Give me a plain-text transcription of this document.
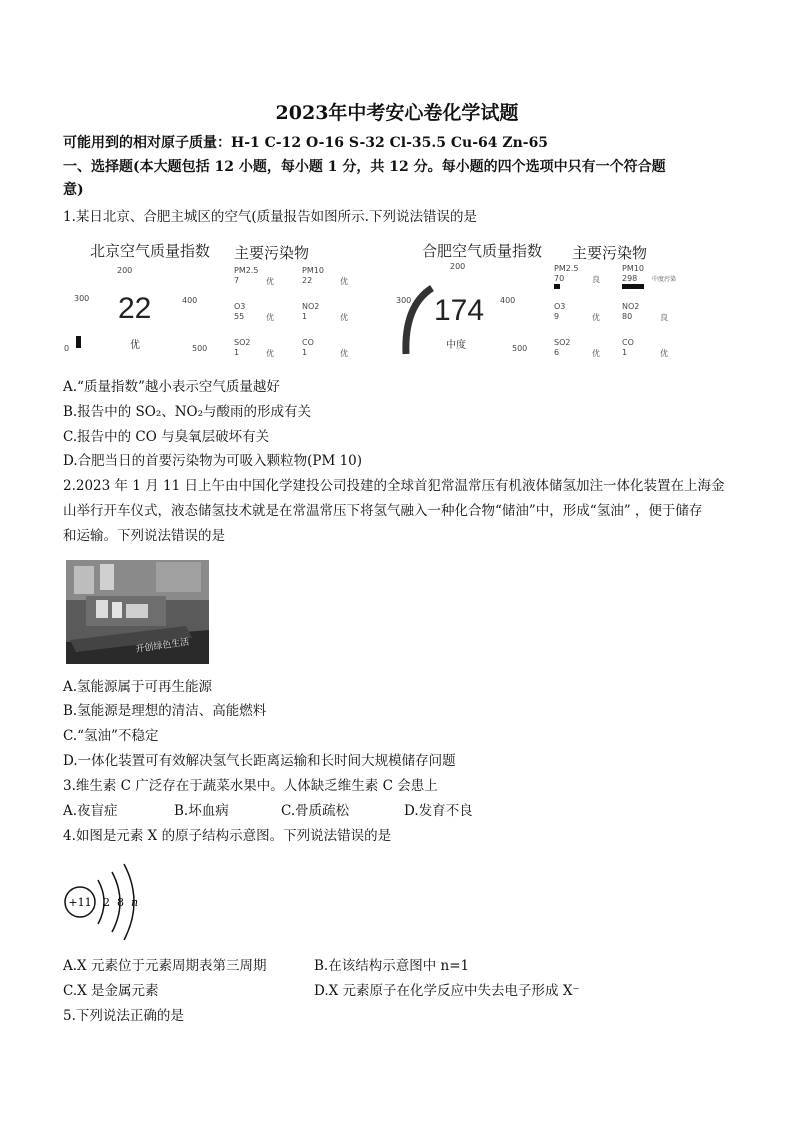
2023年中考安心卷化学试题
可能用到的相对原子质量：H-1 C-12 O-16 S-32 Cl-35.5 Cu-64 Zn-65
一、选择题(本大题包括 12 小题，每小题 1 分，共 12 分。每小题的四个选项中只有一个符合题
意)
1.某日北京、合肥主城区的空气(质量报告如图所示.下列说法错误的是
北京空气质量指数
200
300	400
0	500
22
优
主要污染物
PM2.5
7	优
PM10
22	优
O3
55	优
NO2
1	优
SO2
1	优
CO
1	优
合肥空气质量指数
200
300	400
500
174
中度
主要污染物
PM2.5
70	良
PM10
298 中度污染
O3
9	优
NO2
80	良
SO2
6	优
CO
1	优
A.“质量指数”越小表示空气质量越好
B.报告中的 SO₂、NO₂与酸雨的形成有关
C.报告中的 CO 与臭氧层破坏有关
D.合肥当日的首要污染物为可吸入颗粒物(PM 10)
2.2023 年 1 月 11 日上午由中国化学建投公司投建的全球首犯常温常压有机液体储氢加注一体化装置在上海金
山举行开车仪式，液态储氢技术就是在常温常压下将氢气融入一种化合物“储油”中，形成“氢油” ，便于储存
和运输。下列说法错误的是
开创绿色生活
A.氢能源属于可再生能源
B.氢能源是理想的清洁、高能燃料
C.“氢油”不稳定
D.一体化装置可有效解决氢气长距离运输和长时间大规模储存问题
3.维生素 C 广泛存在于蔬菜水果中。人体缺乏维生素 C 会患上
A.夜盲症	B.坏血病	C.骨质疏松	D.发育不良
4.如图是元素 X 的原子结构示意图。下列说法错误的是
+11 2 8 n
A.X 元素位于元素周期表第三周期	B.在该结构示意图中 n=1
C.X 是金属元素	D.X 元素原子在化学反应中失去电子形成 X⁻
5.下列说法正确的是
